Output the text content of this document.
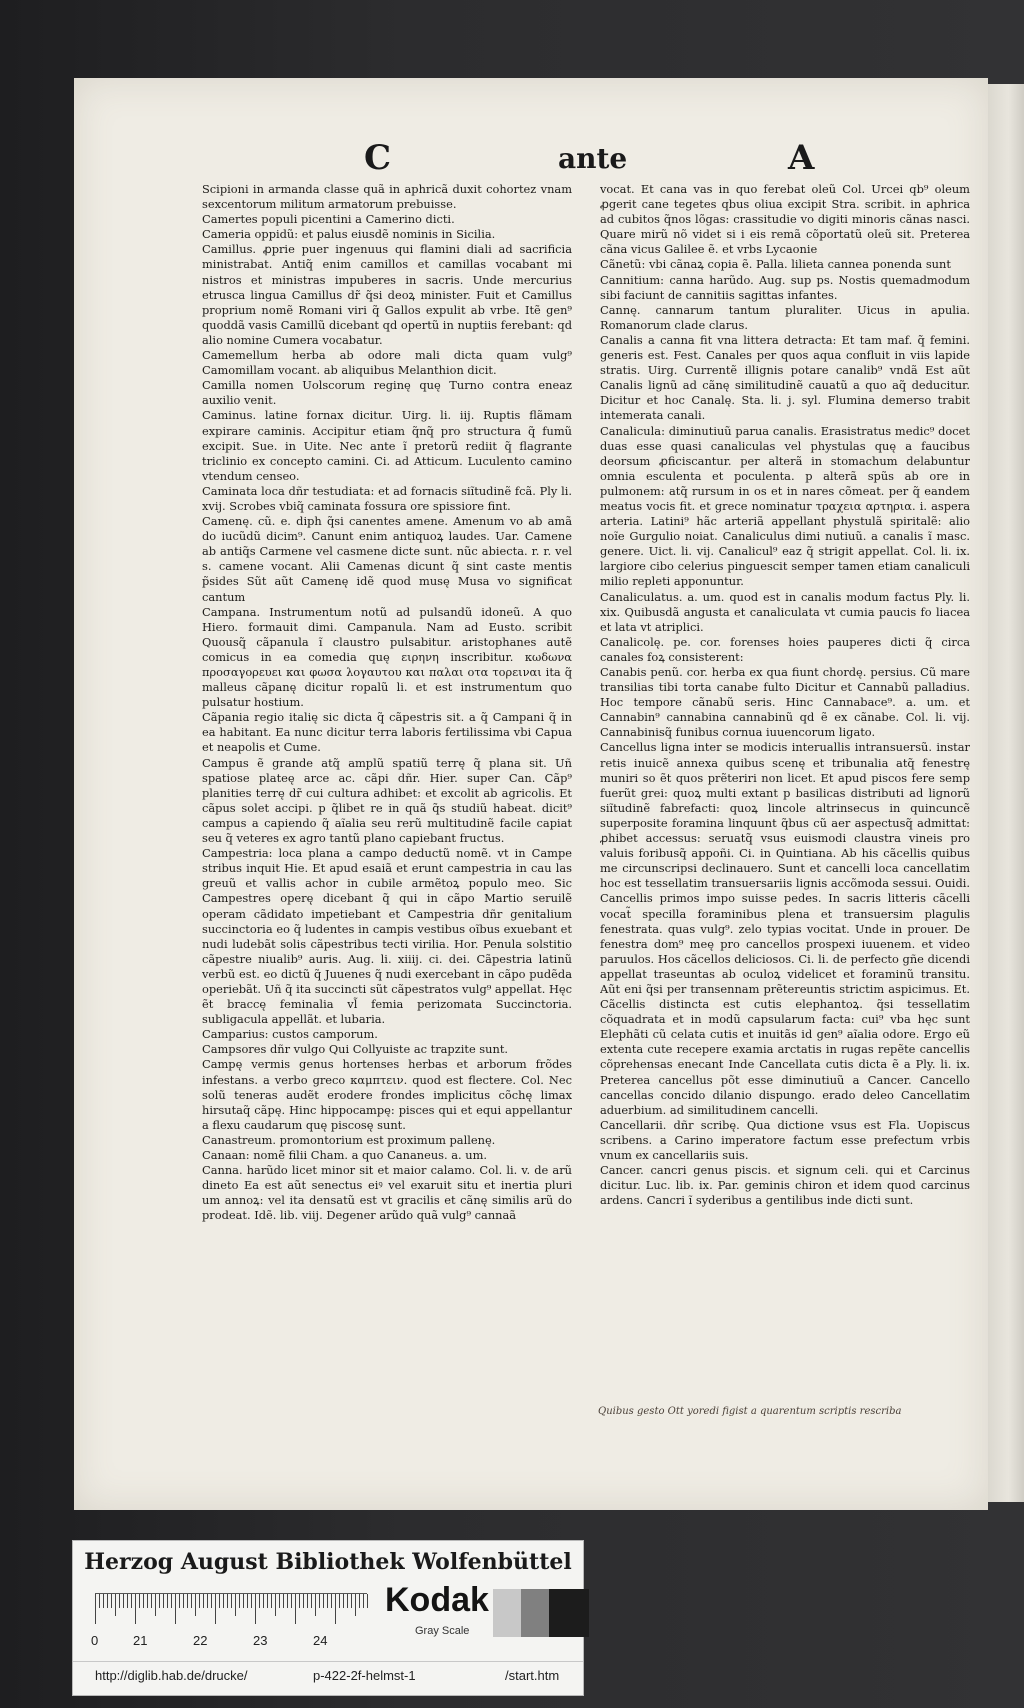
C	ante	A
Scipioni in armanda classe quã in aphricã duxit cohortez vnam sexcentorum militum armatorum prebuisse.
Camertes populi picentini a Camerino dicti.
Cameria oppidũ: et palus eiusdẽ nominis in Sicilia.
Camillus. ꝓprie puer ingenuus qui flamini diali ad sacrificia ministrabat. Antiq̃ enim camillos et camillas vocabant mi nistros et ministras impuberes in sacris. Unde mercurius etrusca lingua Camillus dr̃ q̃si deoꝝ minister. Fuit et Camillus proprium nomẽ Romani viri q̃ Gallos expulit ab vrbe. Itẽ gen⁹ quoddã vasis Camillũ dicebant qd opertũ in nuptiis ferebant: qd alio nomine Cumera vocabatur.
Camemellum herba ab odore mali dicta quam vulg⁹ Camomillam vocant. ab aliquibus Melanthion dicit.
Camilla nomen Uolscorum reginę quę Turno contra eneaz auxilio venit.
Caminus. latine fornax dicitur. Uirg. li. iij. Ruptis flãmam expirare caminis. Accipitur etiam q̃nq̃ pro structura q̃ fumũ excipit. Sue. in Uite. Nec ante ĩ pretorũ rediit q̃ flagrante triclinio ex concepto camini. Ci. ad Atticum. Luculento camino vtendum censeo.
Caminata loca dñr testudiata: et ad fornacis siĩtudinẽ fcã. Ply li. xvij. Scrobes vbiq̃ caminata fossura ore spissiore fint.
Camenę. cũ. e. diph q̃si canentes amene. Amenum vo ab amã do iucũdũ dicim⁹. Canunt enim antiquoꝝ laudes. Uar. Camene ab antiq̃s Carmene vel casmene dicte sunt. nũc abiecta. r. r. vel s. camene vocant. Alii Camenas dicunt q̃ sint caste mentis p̃sides Sũt aũt Camenę idẽ quod musę Musa vo significat cantum
Campana. Instrumentum notũ ad pulsandũ idoneũ. A quo Hiero. formauit dimi. Campanula. Nam ad Eusto. scribit Quousq̃ cãpanula ĩ claustro pulsabitur. aristophanes autẽ comicus in ea comedia quę ειρηνη inscribitur. κωδωνα προσαγορευει και φωσα λογαυτου και παλαι οτα τορειναι ita q̃ malleus cãpanę dicitur ropalũ li. et est instrumentum quo pulsatur hostium.
Cãpania regio italię sic dicta q̃ cãpestris sit. a q̃ Campani q̃ in ea habitant. Ea nunc dicitur terra laboris fertilissima vbi Capua et neapolis et Cume.
Campus ẽ grande atq̃ amplũ spatiũ terrę q̃ plana sit. Uñ spatiose plateę arce ac. cãpi dñr. Hier. super Can. Cãp⁹ planities terrę dr̃ cui cultura adhibet: et excolit ab agricolis. Et cãpus solet accipi. p q̃libet re in quã q̃s studiũ habeat. dicit⁹ campus a capiendo q̃ aĩalia seu rerũ multitudinẽ facile capiat seu q̃ veteres ex agro tantũ plano capiebant fructus.
Campestria: loca plana a campo deductũ nomẽ. vt in Campe stribus inquit Hie. Et apud esaiã et erunt campestria in cau las greuũ et vallis achor in cubile armẽtoꝝ populo meo. Sic Campestres operę dicebant q̃ qui in cãpo Martio seruilẽ operam cãdidato impetiebant et Campestria dñr genitalium succinctoria eo q̃ ludentes in campis vestibus oĩbus exuebant et nudi ludebãt solis cãpestribus tecti virilia. Hor. Penula solstitio cãpestre niualib⁹ auris. Aug. li. xiiij. ci. dei. Cãpestria latinũ verbũ est. eo dictũ q̃ Juuenes q̃ nudi exercebant in cãpo pudẽda operiebãt. Uñ q̃ ita succincti sũt cãpestratos vulg⁹ appellat. Hęc ẽt braccę feminalia vl̃ femia perizomata Succinctoria. subligacula appellãt. et lubaria.
Camparius: custos camporum.
Campsores dñr vulgo Qui Collyuiste ac trapzite sunt.
Campę vermis genus hortenses herbas et arborum frõdes infestans. a verbo greco καμπτειν. quod est flectere. Col. Nec solũ teneras audẽt erodere frondes implicitus cõchę limax hirsutaq̃ cãpę. Hinc hippocampę: pisces qui et equi appellantur a flexu caudarum quę piscosę sunt.
Canastreum. promontorium est proximum pallenę.
Canaan: nomẽ filii Cham. a quo Cananeus. a. um.
Canna. harũdo licet minor sit et maior calamo. Col. li. v. de arũ dineto Ea est aũt senectus eiꝰ vel exaruit situ et inertia pluri um annoꝝ: vel ita densatũ est vt gracilis et cãnę similis arũ do prodeat. Idẽ. lib. viij. Degener arũdo quã vulg⁹ cannaã
vocat. Et cana vas in quo ferebat oleũ Col. Urcei qb⁹ oleum ꝓgerit cane tegetes qbus oliua excipit Stra. scribit. in aphrica ad cubitos q̃nos lõgas: crassitudie vo digiti minoris cãnas nasci. Quare mirũ nõ videt si i eis remã cõportatũ oleũ sit. Preterea cãna vicus Galilee ẽ. et vrbs Lycaonie
Cãnetũ: vbi cãnaꝝ copia ẽ. Palla. lilieta cannea ponenda sunt
Cannitium: canna harũdo. Aug. sup ps. Nostis quemadmodum sibi faciunt de cannitiis sagittas infantes.
Cannę. cannarum tantum pluraliter. Uicus in apulia. Romanorum clade clarus.
Canalis a canna fit vna littera detracta: Et tam maf. q̃ femini. generis est. Fest. Canales per quos aqua confluit in viis lapide stratis. Uirg. Currentẽ illignis potare canalib⁹ vndã Est aũt Canalis lignũ ad cãnę similitudinẽ cauatũ a quo aq̃ deducitur. Dicitur et hoc Canalę. Sta. li. j. syl. Flumina demerso trabit intemerata canali.
Canalicula: diminutiuũ parua canalis. Erasistratus medic⁹ docet duas esse quasi canaliculas vel phystulas quę a faucibus deorsum ꝓficiscantur. per alterã in stomachum delabuntur omnia esculenta et poculenta. p alterã spũs ab ore in pulmonem: atq̃ rursum in os et in nares cõmeat. per q̃ eandem meatus vocis fit. et grece nominatur τραχεια αρτηρια. i. aspera arteria. Latini⁹ hãc arteriã appellant phystulã spiritalẽ: alio noĩe Gurgulio noiat. Canaliculus dimi nutiuũ. a canalis ĩ masc. genere. Uict. li. vij. Canalicul⁹ eaz q̃ strigit appellat. Col. li. ix. largiore cibo celerius pinguescit semper tamen etiam canaliculi milio repleti apponuntur.
Canaliculatus. a. um. quod est in canalis modum factus Ply. li. xix. Quibusdã angusta et canaliculata vt cumia paucis fo liacea et lata vt atriplici.
Canalicolę. pe. cor. forenses hoies pauperes dicti q̃ circa canales foꝝ consisterent:
Canabis penũ. cor. herba ex qua fiunt chordę. persius. Cũ mare transilias tibi torta canabe fulto Dicitur et Cannabũ palladius. Hoc tempore cãnabũ seris. Hinc Cannabace⁹. a. um. et Cannabin⁹ cannabina cannabinũ qd ẽ ex cãnabe. Col. li. vij. Cannabinisq̃ funibus cornua iuuencorum ligato.
Cancellus ligna inter se modicis interuallis intransuersũ. instar retis inuicẽ annexa quibus scenę et tribunalia atq̃ fenestrę muniri so ẽt quos prẽteriri non licet. Et apud piscos fere semp fuerũt grei: quoꝝ multi extant p basilicas distributi ad lignorũ siĩtudinẽ fabrefacti: quoꝝ lincole altrinsecus in quincuncẽ superposite foramina linquunt q̃bus cũ aer aspectusq̃ admittat: ꝓhibet accessus: seruatq̃ vsus euismodi claustra vineis pro valuis foribusq̃ appoñi. Ci. in Quintiana. Ab his cãcellis quibus me circunscripsi declinauero. Sunt et cancelli loca cancellatim hoc est tessellatim transuersariis lignis accõmoda sessui. Ouidi. Cancellis primos impo suisse pedes. In sacris litteris cãcelli vocat̃ specilla foraminibus plena et transuersim plagulis fenestrata. quas vulg⁹. zelo typias vocitat. Unde in prouer. De fenestra dom⁹ meę pro cancellos prospexi iuuenem. et video paruulos. Hos cãcellos deliciosos. Ci. li. de perfecto gñe dicendi appellat traseuntas ab oculoꝝ videlicet et foraminũ transitu. Aũt eni q̃si per transennam prẽtereuntis strictim aspicimus. Et. Cãcellis distincta est cutis elephantoꝝ. q̃si tessellatim cõquadrata et in modũ capsularum facta: cui⁹ vba hęc sunt Elephãti cũ celata cutis et inuitãs id gen⁹ aĩalia odore. Ergo eũ extenta cute recepere examia arctatis in rugas repẽte cancellis cõprehensas enecant Inde Cancellata cutis dicta ẽ a Ply. li. ix. Preterea cancellus põt esse diminutiuũ a Cancer. Cancello cancellas concido dilanio dispungo. erado deleo Cancellatim aduerbium. ad similitudinem cancelli.
Cancellarii. dñr scribę. Qua dictione vsus est Fla. Uopiscus scribens. a Carino imperatore factum esse prefectum vrbis vnum ex cancellariis suis.
Cancer. cancri genus piscis. et signum celi. qui et Carcinus dicitur. Luc. lib. ix. Par. geminis chiron et idem quod carcinus ardens. Cancri ĩ syderibus a gentilibus inde dicti sunt.
Quibus gesto Ott yoredi figist a quarentum scriptis rescriba
Herzog August Bibliothek Wolfenbüttel
0	21	22	23	24
Kodak
Gray Scale
http://diglib.hab.de/drucke/	p-422-2f-helmst-1	/start.htm
